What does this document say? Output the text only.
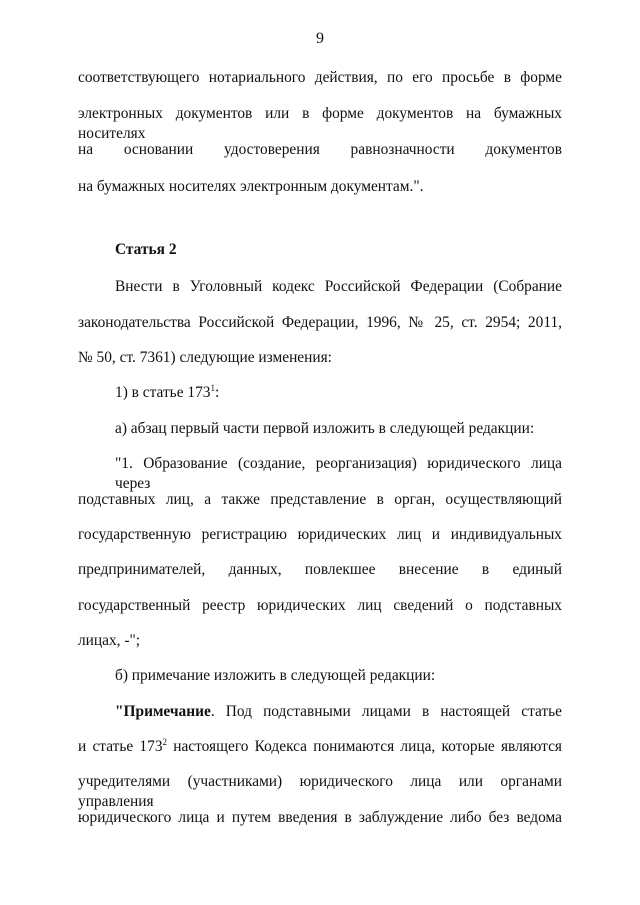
9
соответствующего нотариального действия, по его просьбе в форме
электронных документов или в форме документов на бумажных носителях
на основании удостоверения равнозначности документов
на бумажных носителях электронным документам.".
Статья 2
Внести в Уголовный кодекс Российской Федерации (Собрание
законодательства Российской Федерации, 1996, № 25, ст. 2954; 2011,
№ 50, ст. 7361) следующие изменения:
1) в статье $173^1$:
а) абзац первый части первой изложить в следующей редакции:
"1. Образование (создание, реорганизация) юридического лица через
подставных лиц, а также представление в орган, осуществляющий
государственную регистрацию юридических лиц и индивидуальных
предпринимателей, данных, повлекшее внесение в единый
государственный реестр юридических лиц сведений о подставных
лицах, -";
б) примечание изложить в следующей редакции:
"Примечание. Под подставными лицами в настоящей статье
и статье $173^2$ настоящего Кодекса понимаются лица, которые являются
учредителями (участниками) юридического лица или органами управления
юридического лица и путем введения в заблуждение либо без ведома
